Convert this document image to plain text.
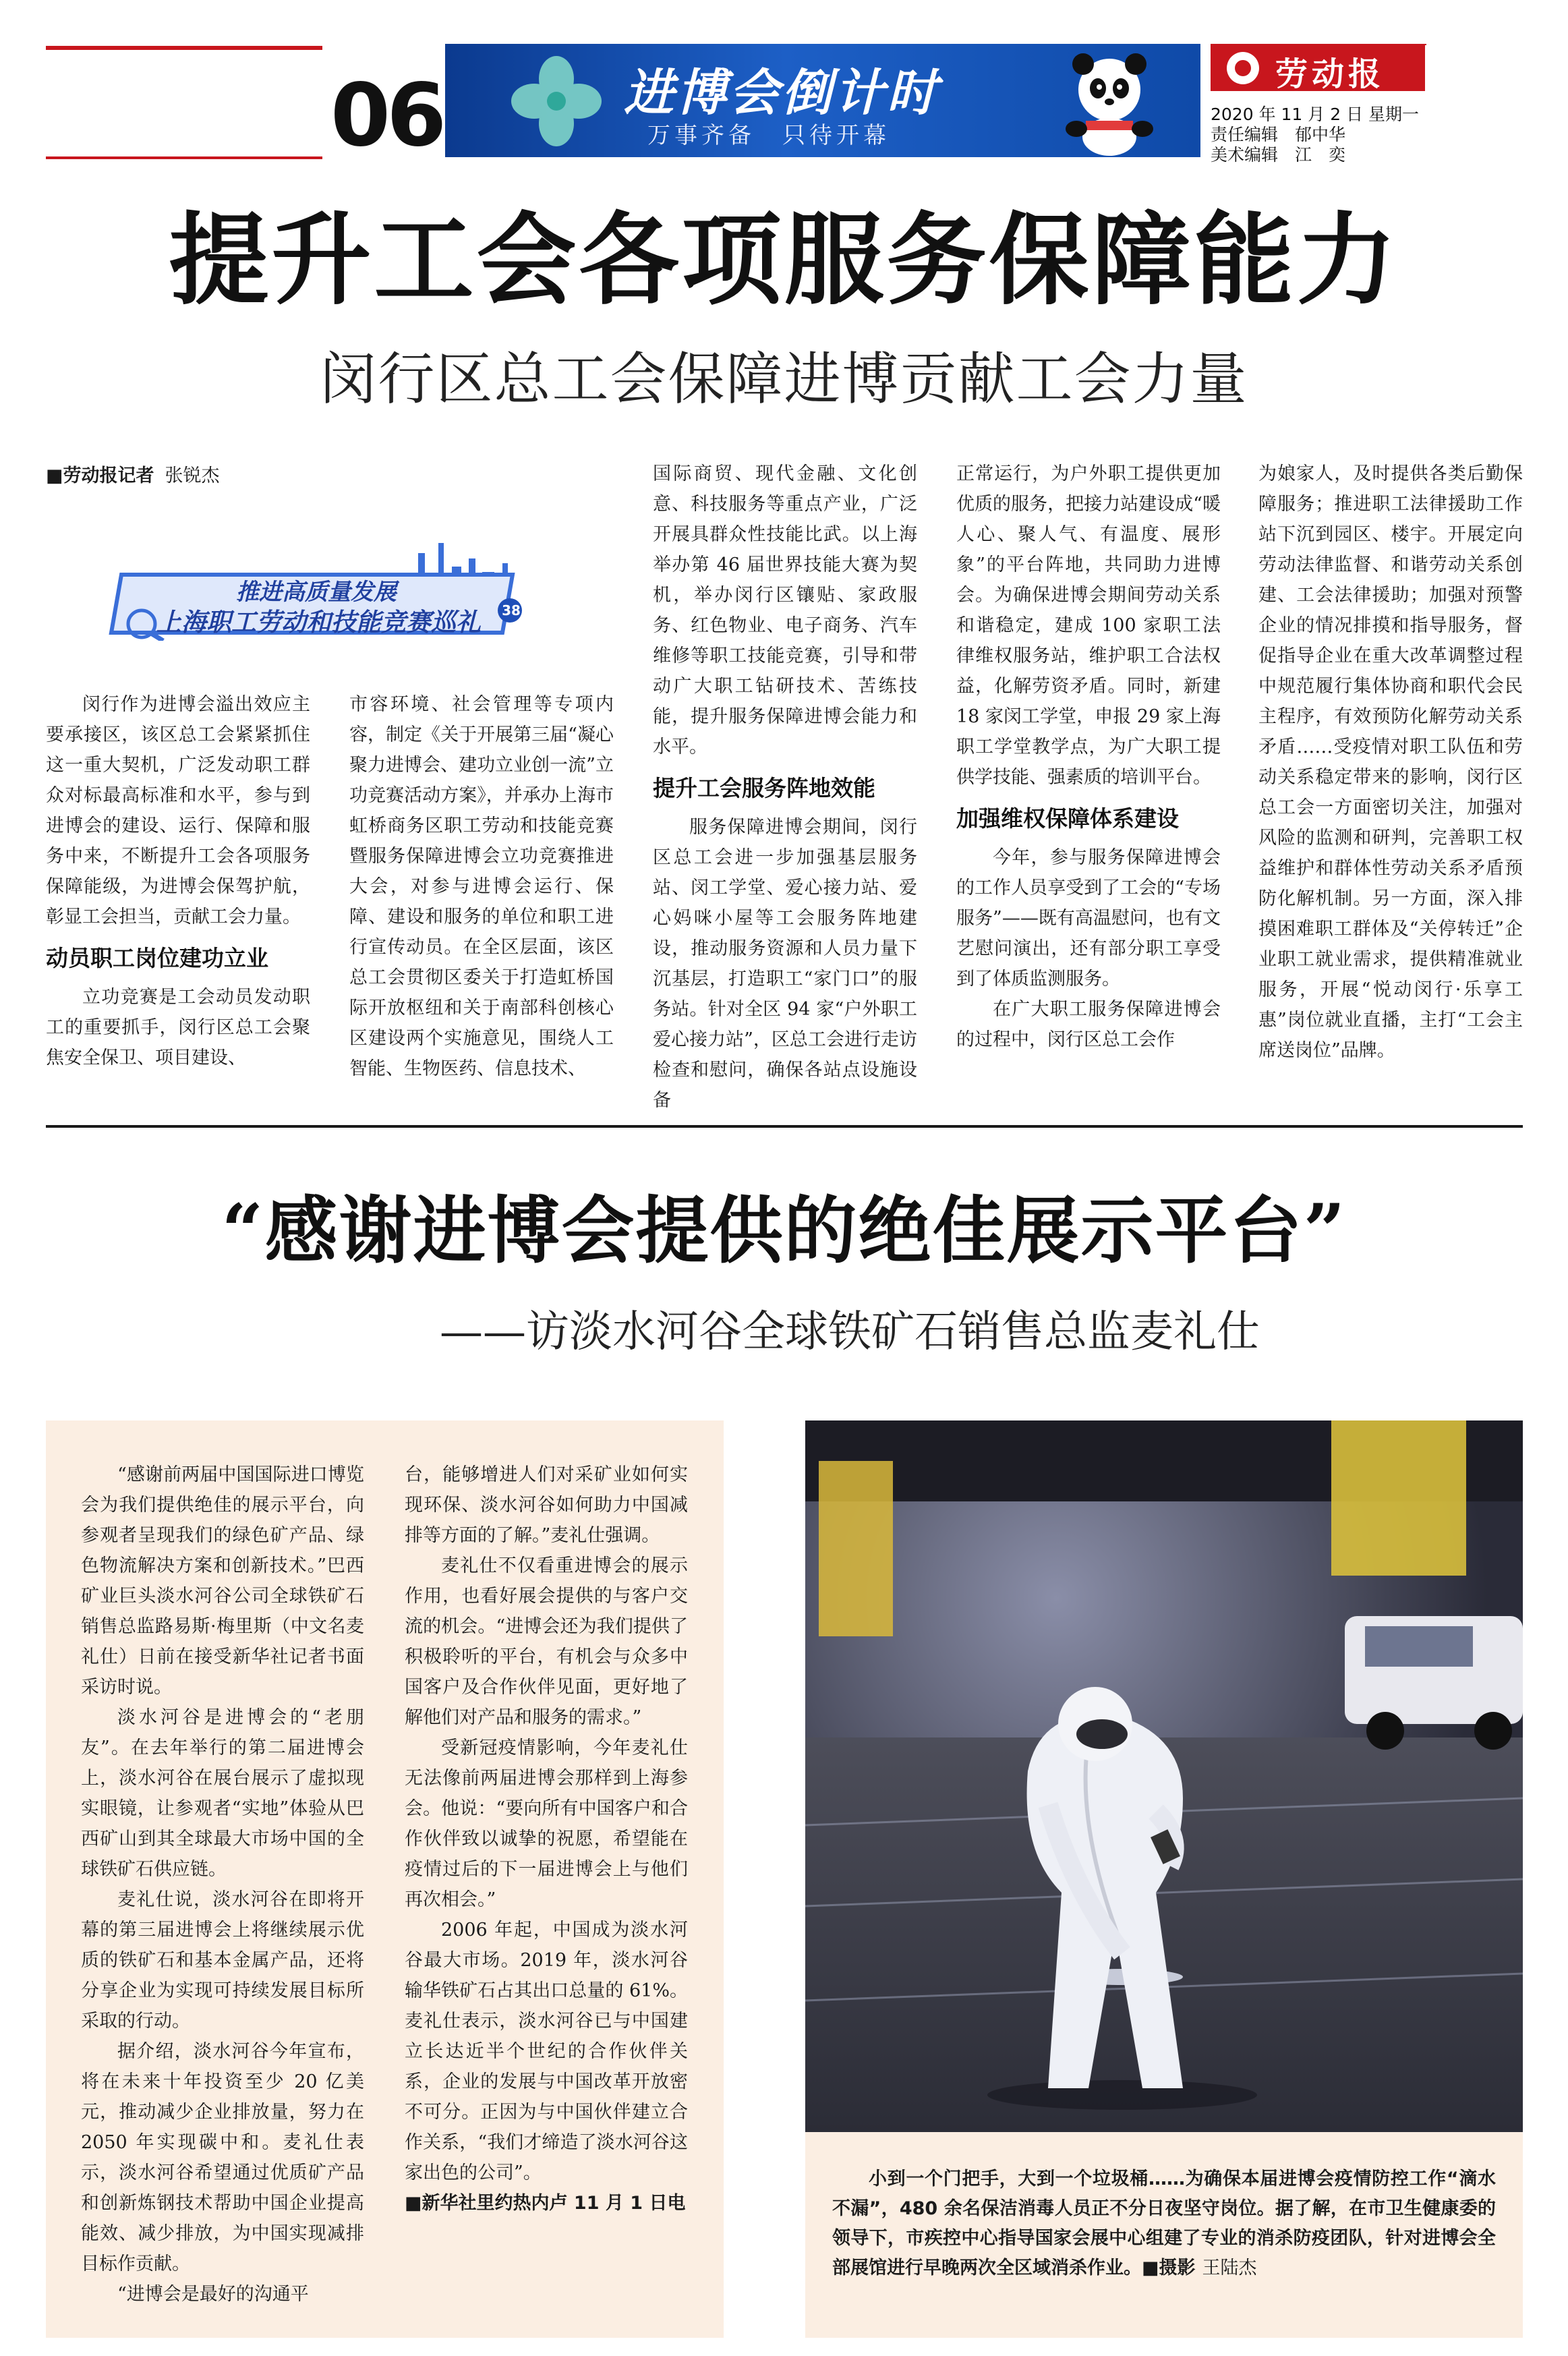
06	进博会倒计时
万事齐备　只待开幕
劳动报
2020 年 11 月 2 日 星期一
责任编辑　郁中华
美术编辑　江　奕
提升工会各项服务保障能力
闵行区总工会保障进博贡献工会力量
■劳动报记者 张锐杰
推进高质量发展
上海职工劳动和技能竞赛巡礼 38

闵行作为进博会溢出效应主要承接区，该区总工会紧紧抓住这一重大契机，广泛发动职工群众对标最高标准和水平，参与到进博会的建设、运行、保障和服务中来，不断提升工会各项服务保障能级，为进博会保驾护航，彰显工会担当，贡献工会力量。

动员职工岗位建功立业

立功竞赛是工会动员发动职工的重要抓手，闵行区总工会聚焦安全保卫、项目建设、

市容环境、社会管理等专项内容，制定《关于开展第三届“凝心聚力进博会、建功立业创一流”立功竞赛活动方案》，并承办上海市虹桥商务区职工劳动和技能竞赛暨服务保障进博会立功竞赛推进大会，对参与进博会运行、保障、建设和服务的单位和职工进行宣传动员。在全区层面，该区总工会贯彻区委关于打造虹桥国际开放枢纽和关于南部科创核心区建设两个实施意见，围绕人工智能、生物医药、信息技术、

国际商贸、现代金融、文化创意、科技服务等重点产业，广泛开展具群众性技能比武。以上海举办第 46 届世界技能大赛为契机，举办闵行区镶贴、家政服务、红色物业、电子商务、汽车维修等职工技能竞赛，引导和带动广大职工钻研技术、苦练技能，提升服务保障进博会能力和水平。

提升工会服务阵地效能

服务保障进博会期间，闵行区总工会进一步加强基层服务站、闵工学堂、爱心接力站、爱心妈咪小屋等工会服务阵地建设，推动服务资源和人员力量下沉基层，打造职工“家门口”的服务站。针对全区 94 家“户外职工爱心接力站”，区总工会进行走访检查和慰问，确保各站点设施设备

正常运行，为户外职工提供更加优质的服务，把接力站建设成“暖人心、聚人气、有温度、展形象”的平台阵地，共同助力进博会。为确保进博会期间劳动关系和谐稳定，建成 100 家职工法律维权服务站，维护职工合法权益，化解劳资矛盾。同时，新建 18 家闵工学堂，申报 29 家上海职工学堂教学点，为广大职工提供学技能、强素质的培训平台。

加强维权保障体系建设

今年，参与服务保障进博会的工作人员享受到了工会的“专场服务”——既有高温慰问，也有文艺慰问演出，还有部分职工享受到了体质监测服务。

在广大职工服务保障进博会的过程中，闵行区总工会作

为娘家人，及时提供各类后勤保障服务；推进职工法律援助工作站下沉到园区、楼宇。开展定向劳动法律监督、和谐劳动关系创建、工会法律援助；加强对预警企业的情况排摸和指导服务，督促指导企业在重大改革调整过程中规范履行集体协商和职代会民主程序，有效预防化解劳动关系矛盾……受疫情对职工队伍和劳动关系稳定带来的影响，闵行区总工会一方面密切关注，加强对风险的监测和研判，完善职工权益维护和群体性劳动关系矛盾预防化解机制。另一方面，深入排摸困难职工群体及“关停转迁”企业职工就业需求，提供精准就业服务，开展“悦动闵行·乐享工惠”岗位就业直播，主打“工会主席送岗位”品牌。

“感谢进博会提供的绝佳展示平台”
——访淡水河谷全球铁矿石销售总监麦礼仕

“感谢前两届中国国际进口博览会为我们提供绝佳的展示平台，向参观者呈现我们的绿色矿产品、绿色物流解决方案和创新技术。”巴西矿业巨头淡水河谷公司全球铁矿石销售总监路易斯·梅里斯（中文名麦礼仕）日前在接受新华社记者书面采访时说。

淡水河谷是进博会的“老朋友”。在去年举行的第二届进博会上，淡水河谷在展台展示了虚拟现实眼镜，让参观者“实地”体验从巴西矿山到其全球最大市场中国的全球铁矿石供应链。

麦礼仕说，淡水河谷在即将开幕的第三届进博会上将继续展示优质的铁矿石和基本金属产品，还将分享企业为实现可持续发展目标所采取的行动。

据介绍，淡水河谷今年宣布，将在未来十年投资至少 20 亿美元，推动减少企业排放量，努力在 2050 年实现碳中和。麦礼仕表示，淡水河谷希望通过优质矿产品和创新炼钢技术帮助中国企业提高能效、减少排放，为中国实现减排目标作贡献。

“进博会是最好的沟通平

台，能够增进人们对采矿业如何实现环保、淡水河谷如何助力中国减排等方面的了解。”麦礼仕强调。

麦礼仕不仅看重进博会的展示作用，也看好展会提供的与客户交流的机会。“进博会还为我们提供了积极聆听的平台，有机会与众多中国客户及合作伙伴见面，更好地了解他们对产品和服务的需求。”

受新冠疫情影响，今年麦礼仕无法像前两届进博会那样到上海参会。他说：“要向所有中国客户和合作伙伴致以诚挚的祝愿，希望能在疫情过后的下一届进博会上与他们再次相会。”

2006 年起，中国成为淡水河谷最大市场。2019 年，淡水河谷输华铁矿石占其出口总量的 61%。麦礼仕表示，淡水河谷已与中国建立长达近半个世纪的合作伙伴关系，企业的发展与中国改革开放密不可分。正因为与中国伙伴建立合作关系，“我们才缔造了淡水河谷这家出色的公司”。

■新华社里约热内卢 11 月 1 日电

小到一个门把手，大到一个垃圾桶……为确保本届进博会疫情防控工作“滴水不漏”，480 余名保洁消毒人员正不分日夜坚守岗位。据了解，在市卫生健康委的领导下，市疾控中心指导国家会展中心组建了专业的消杀防疫团队，针对进博会全部展馆进行早晚两次全区域消杀作业。■摄影 王陆杰
